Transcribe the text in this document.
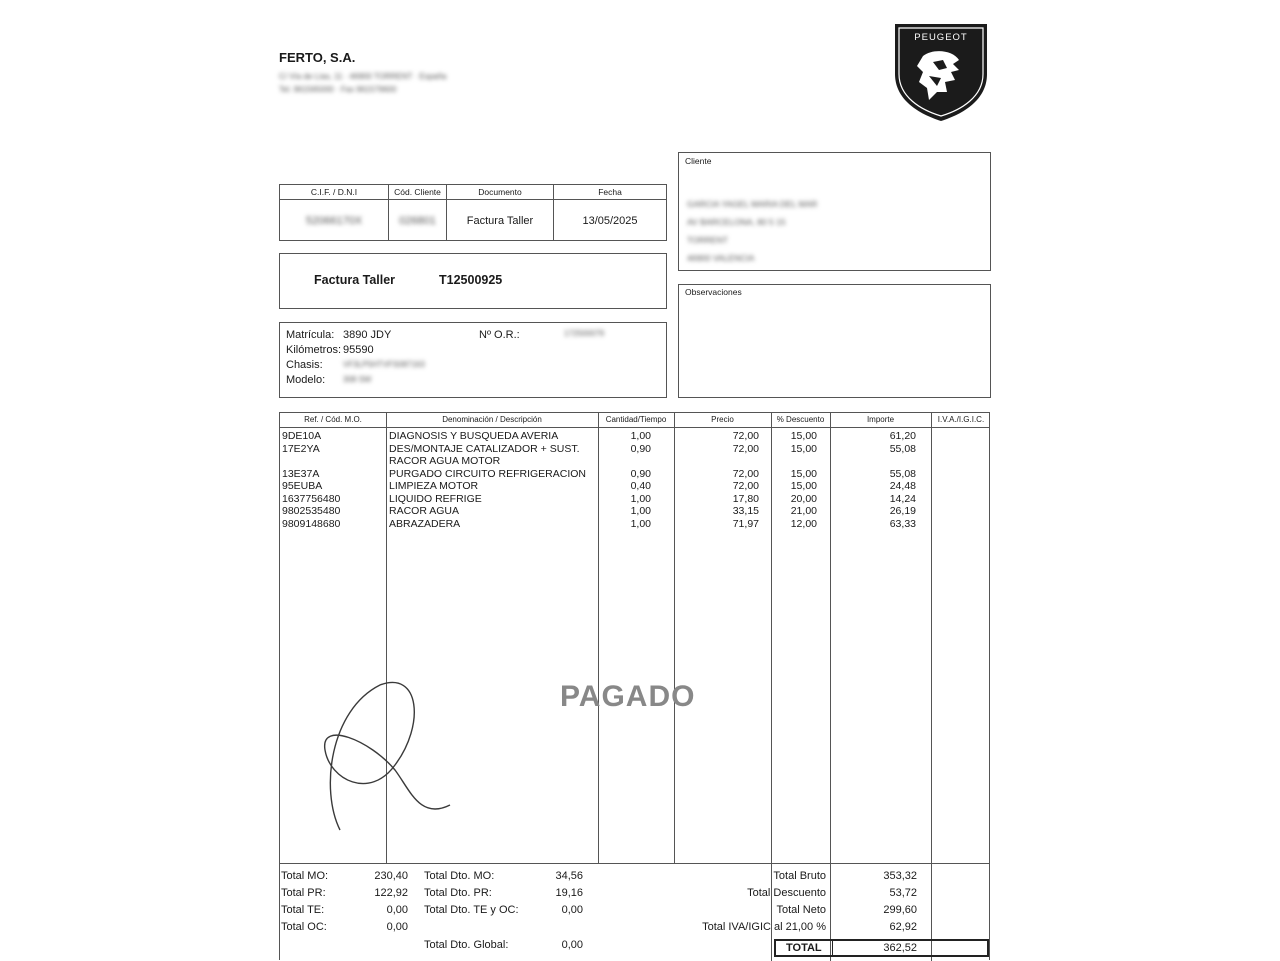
FERTO, S.A.
C/ Vía de Lías, 11 · 46900 TORRENT · España
Tel. 961565000 · Fax 961579600
PEUGEOT
C.I.F. / D.N.I
52066170X
Cód. Cliente
026801
Documento
Factura Taller
Fecha
13/05/2025
Factura Taller	T12500925
Matrícula: 3890 JDY	Nº O.R.:	172500079
Kilómetros: 95590
Chasis:	VF3LP5HTVFS087163
Modelo: 308 SW
Cliente
GARCIA YAGEL MARIA DEL MAR
AV BARCELONA, 80 5 15
TORRENT
46900 VALENCIA
Observaciones
Ref. / Cód. M.O.	Denominación / Descripción	Cantidad/Tiempo	Precio	% Descuento	Importe	I.V.A./I.G.I.C.
9DE10A	DIAGNOSIS Y BUSQUEDA AVERIA	1,00	72,00	15,00	61,20
17E2YA	DES/MONTAJE CATALIZADOR + SUST.	0,90	72,00	15,00	55,08
RACOR AGUA MOTOR
13E37A	PURGADO CIRCUITO REFRIGERACION	0,90	72,00	15,00	55,08
95EUBA	LIMPIEZA MOTOR	0,40	72,00	15,00	24,48
1637756480	LIQUIDO REFRIGE	1,00	17,80	20,00	14,24
9802535480	RACOR AGUA	1,00	33,15	21,00	26,19
9809148680	ABRAZADERA	1,00	71,97	12,00	63,33
Total MO:	230,40
Total PR:	122,92
Total TE:	0,00
Total OC:	0,00
Total Dto. MO:	34,56
Total Dto. PR:	19,16
Total Dto. TE y OC:	0,00
Total Dto. Global:	0,00
Total Bruto	353,32
Total Descuento	53,72
Total Neto	299,60
Total IVA/IGIC al 21,00 %	62,92
TOTAL	362,52
PAGADO
